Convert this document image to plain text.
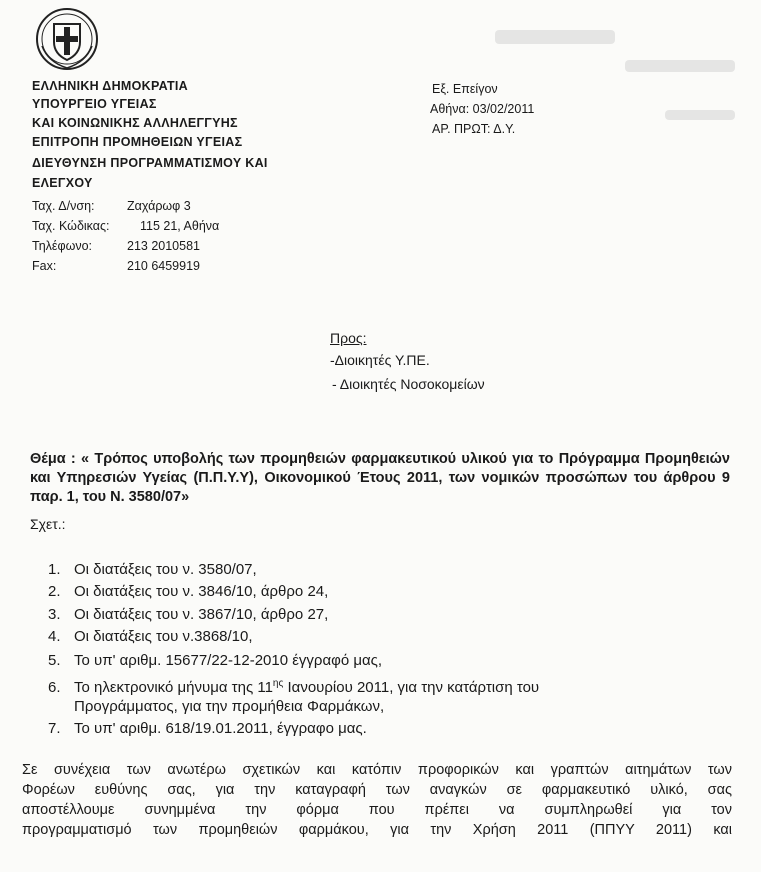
ΕΛΛΗΝΙΚΗ ΔΗΜΟΚΡΑΤΙΑ
ΥΠΟΥΡΓΕΙΟ ΥΓΕΙΑΣ
ΚΑΙ ΚΟΙΝΩΝΙΚΗΣ ΑΛΛΗΛΕΓΓΥΗΣ
ΕΠΙΤΡΟΠΗ ΠΡΟΜΗΘΕΙΩΝ ΥΓΕΙΑΣ
ΔΙΕΥΘΥΝΣΗ ΠΡΟΓΡΑΜΜΑΤΙΣΜΟΥ ΚΑΙ
ΕΛΕΓΧΟΥ
Ταχ. Δ/νση:	Ζαχάρωφ 3
Ταχ. Κώδικας: 115 21, Αθήνα
Τηλέφωνο:	213 2010581
Fax:	210 6459919
Εξ. Επείγον
Αθήνα: 03/02/2011
ΑΡ. ΠΡΩΤ: Δ.Υ.
Προς:
-Διοικητές Υ.ΠΕ.
- Διοικητές Νοσοκομείων

Θέμα : « Τρόπος υποβολής των προμηθειών φαρμακευτικού υλικού για το Πρόγραμμα Προμηθειών και Υπηρεσιών Υγείας (Π.Π.Υ.Υ), Οικονομικού Έτους 2011, των νομικών προσώπων του άρθρου 9 παρ. 1, του Ν. 3580/07»

Σχετ.:
1. Οι διατάξεις του ν. 3580/07,
2. Οι διατάξεις του ν. 3846/10, άρθρο 24,
3. Οι διατάξεις του ν. 3867/10, άρθρο 27,
4. Οι διατάξεις του ν.3868/10,
5. Το υπ' αριθμ. 15677/22-12-2010 έγγραφό μας,
6. Το ηλεκτρονικό μήνυμα της $11^{\eta\varsigma}$ Ιανουρίου 2011, για την κατάρτιση του
Προγράμματος, για την προμήθεια Φαρμάκων,
7. Το υπ' αριθμ. 618/19.01.2011, έγγραφο μας.
Σε συνέχεια των ανωτέρω σχετικών και κατόπιν προφορικών και γραπτών αιτημάτων των
Φορέων ευθύνης σας, για την καταγραφή των αναγκών σε φαρμακευτικό υλικό, σας
αποστέλλουμε συνημμένα την φόρμα που πρέπει να συμπληρωθεί για τον
προγραμματισμό των προμηθειών φαρμάκου, για την Χρήση 2011 (ΠΠΥΥ 2011) και
